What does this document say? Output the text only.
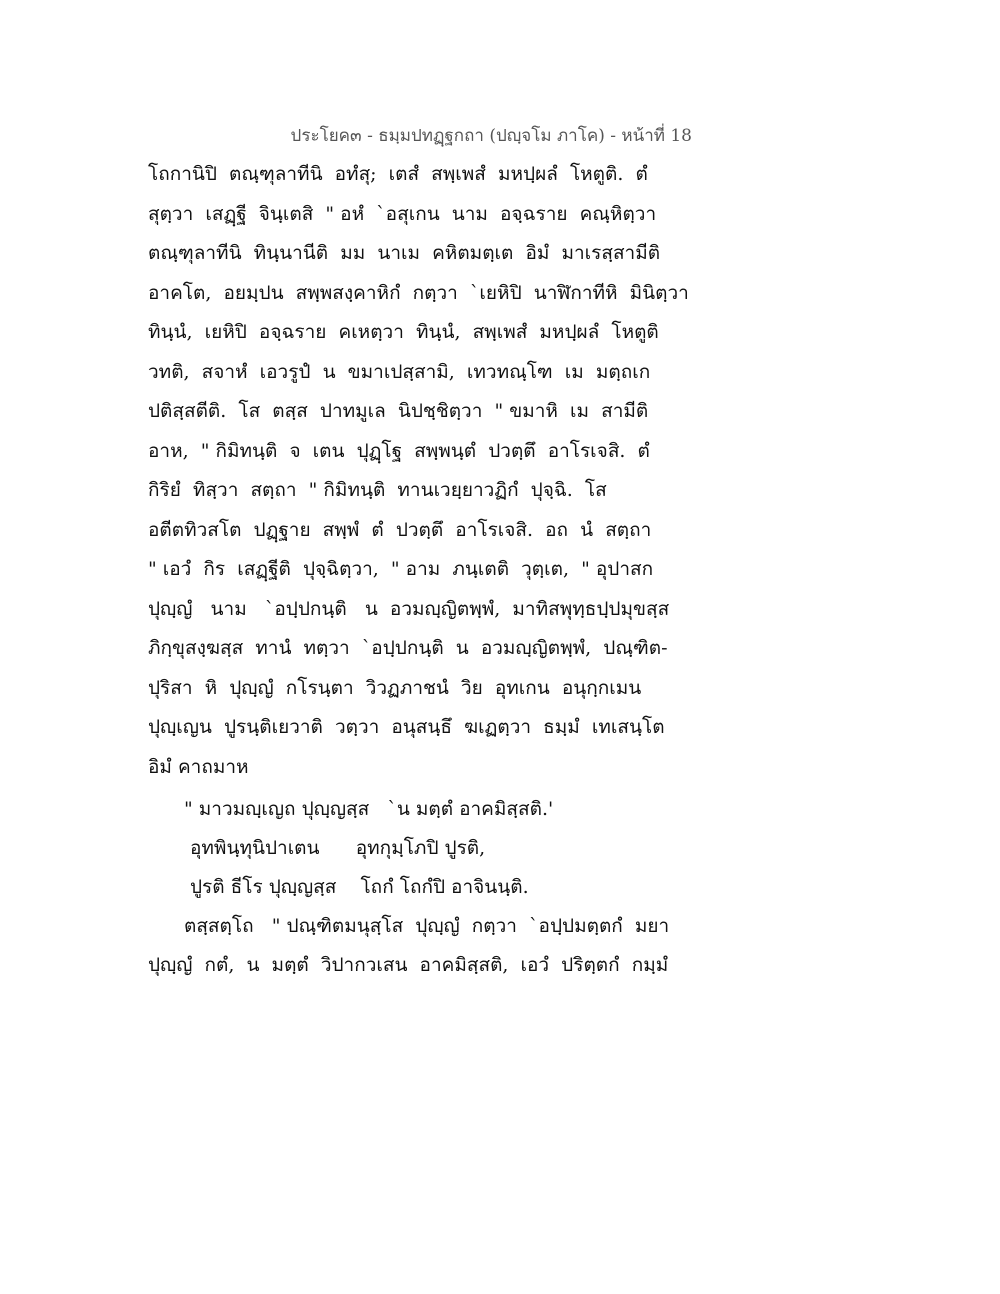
ประโยค๓ - ธมฺมปทฏฺฐกถา (ปญฺจโม ภาโค) - หน้าที่ 18
โถกานิปิ  ตณฺฑุลาทีนิ  อทํสุ;  เตสํ  สพฺเพสํ  มหปฺผลํ  โหตูติ.  ตํ
สุตฺวา  เสฏฺฐี  จินฺเตสิ  " อหํ  `อสุเกน  นาม  อจฺฉราย  คณฺหิตฺวา
ตณฺฑุลาทีนิ  ทินฺนานีติ  มม  นาเม  คหิตมตฺเต  อิมํ  มาเรสฺสามีติ
อาคโต,  อยมฺปน  สพฺพสงฺคาหิกํ  กตฺวา  `เยหิปิ  นาฬิกาทีหิ  มินิตฺวา
ทินฺนํ,  เยหิปิ  อจฺฉราย  คเหตฺวา  ทินฺนํ,  สพฺเพสํ  มหปฺผลํ  โหตูติ
วทติ,  สจาหํ  เอวรูปํ  น  ขมาเปสฺสามิ,  เทวทณฺโฑ  เม  มตฺถเก
ปติสฺสตีติ.  โส  ตสฺส  ปาทมูเล  นิปชฺชิตฺวา  " ขมาหิ  เม  สามีติ
อาห,  " กิมิทนฺติ  จ  เตน  ปุฏฺโฐ  สพฺพนฺตํ  ปวตฺตึ  อาโรเจสิ.  ตํ
กิริยํ  ทิสฺวา  สตฺถา  " กิมิทนฺติ  ทานเวยฺยาวฏิกํ  ปุจฺฉิ.  โส
อตีตทิวสโต  ปฏฺฐาย  สพฺพํ  ตํ  ปวตฺตึ  อาโรเจสิ.  อถ  นํ  สตฺถา
" เอวํ  กิร  เสฏฺฐีติ  ปุจฺฉิตฺวา,  " อาม  ภนฺเตติ  วุตฺเต,  " อุปาสก
ปุญฺญํ   นาม   `อปฺปกนฺติ   น  อวมญฺญิตพฺพํ,  มาทิสพุทฺธปฺปมุขสฺส
ภิกฺขุสงฺฆสฺส  ทานํ  ทตฺวา  `อปฺปกนฺติ  น  อวมญฺญิตพฺพํ,  ปณฺฑิต-
ปุริสา  หิ  ปุญฺญํ  กโรนฺตา  วิวฏภาชนํ  วิย  อุทเกน  อนุกฺกเมน
ปุญฺเญน  ปูรนฺติเยวาติ  วตฺวา  อนุสนฺธึ  ฆเฏตฺวา  ธมฺมํ  เทเสนฺโต
อิมํ คาถมาห
" มาวมญฺเญถ ปุญฺญสฺส   `น มตฺตํ อาคมิสฺสติ.'
อุทพินฺทุนิปาเตน      อุทกุมฺโภปิ ปูรติ,
ปูรติ ธีโร ปุญฺญสฺส    โถกํ โถกํปิ อาจินนฺติ.
ตสฺสตฺโถ   " ปณฺฑิตมนุสฺโส  ปุญฺญํ  กตฺวา  `อปฺปมตฺตกํ  มยา
ปุญฺญํ  กตํ,  น  มตฺตํ  วิปากวเสน  อาคมิสฺสติ,  เอวํ  ปริตฺตกํ  กมฺมํ
